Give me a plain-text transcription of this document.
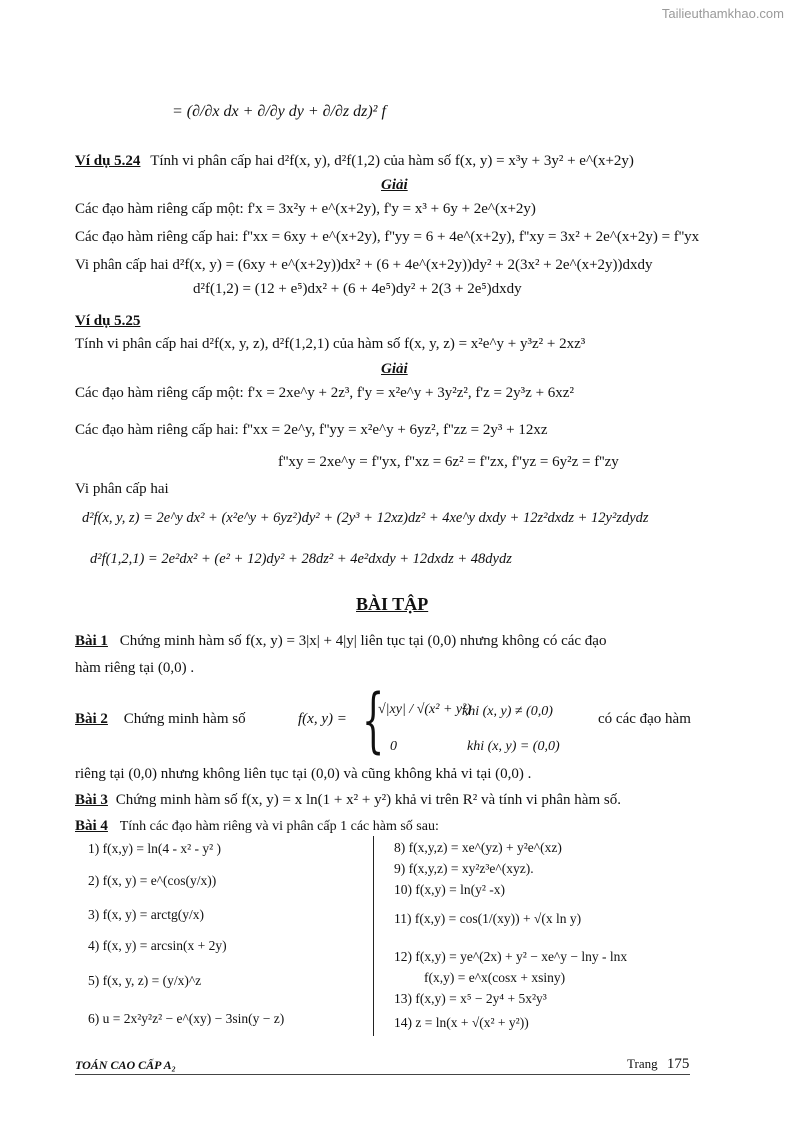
Tailieuthamkhao.com
= (∂/∂x dx + ∂/∂y dy + ∂/∂z dz)² f
Ví dụ 5.24 Tính vi phân cấp hai d²f(x, y), d²f(1,2) của hàm số f(x, y) = x³y + 3y² + e^(x+2y)
Giải
Các đạo hàm riêng cấp một: f'x = 3x²y + e^(x+2y), f'y = x³ + 6y + 2e^(x+2y)
Các đạo hàm riêng cấp hai: f''xx = 6xy + e^(x+2y), f''yy = 6 + 4e^(x+2y), f''xy = 3x² + 2e^(x+2y) = f''yx
Vi phân cấp hai d²f(x, y) = (6xy + e^(x+2y))dx² + (6 + 4e^(x+2y))dy² + 2(3x² + 2e^(x+2y))dxdy
d²f(1,2) = (12 + e⁵)dx² + (6 + 4e⁵)dy² + 2(3 + 2e⁵)dxdy
Ví dụ 5.25
Tính vi phân cấp hai d²f(x, y, z), d²f(1,2,1) của hàm số f(x, y, z) = x²e^y + y³z² + 2xz³
Giải
Các đạo hàm riêng cấp một: f'x = 2xe^y + 2z³, f'y = x²e^y + 3y²z², f'z = 2y³z + 6xz²
Các đạo hàm riêng cấp hai: f''xx = 2e^y, f''yy = x²e^y + 6yz², f''zz = 2y³ + 12xz
f''xy = 2xe^y = f''yx, f''xz = 6z² = f''zx, f''yz = 6y²z = f''zy
Vi phân cấp hai
d²f(x, y, z) = 2e^y dx² + (x²e^y + 6yz²)dy² + (2y³ + 12xz)dz² + 4xe^y dxdy + 12z²dxdz + 12y²zdydz
d²f(1,2,1) = 2e²dx² + (e² + 12)dy² + 28dz² + 4e²dxdy + 12dxdz + 48dydz
BÀI TẬP
Bài 1 Chứng minh hàm số f(x, y) = 3|x| + 4|y| liên tục tại (0,0) nhưng không có các đạo
hàm riêng tại (0,0) .
Bài 2 Chứng minh hàm số	f(x, y) = {
√|xy| / √(x² + y²)
khi (x, y) ≠ (0,0)
0	khi (x, y) = (0,0)
có các đạo hàm
riêng tại (0,0) nhưng không liên tục tại (0,0) và cũng không khả vi tại (0,0) .
Bài 3 Chứng minh hàm số f(x, y) = x ln(1 + x² + y²) khả vi trên R² và tính vi phân hàm số.
Bài 4 Tính các đạo hàm riêng và vi phân cấp 1 các hàm số sau:
1) f(x,y) = ln(4 - x² - y² )
2) f(x, y) = e^(cos(y/x))
3) f(x, y) = arctg(y/x)
4) f(x, y) = arcsin(x + 2y)
5) f(x, y, z) = (y/x)^z
6) u = 2x²y²z² − e^(xy) − 3sin(y − z)
8) f(x,y,z) = xe^(yz) + y²e^(xz)
9) f(x,y,z) = xy²z³e^(xyz).
10) f(x,y) = ln(y² -x)
11) f(x,y) = cos(1/(xy)) + √(x ln y)
12) f(x,y) = ye^(2x) + y² − xe^y − lny - lnx
f(x,y) = e^x(cosx + xsiny)
13) f(x,y) = x⁵ − 2y⁴ + 5x²y³
14) z = ln(x + √(x² + y²))
TOÁN CAO CẤP A₂	Trang 175
